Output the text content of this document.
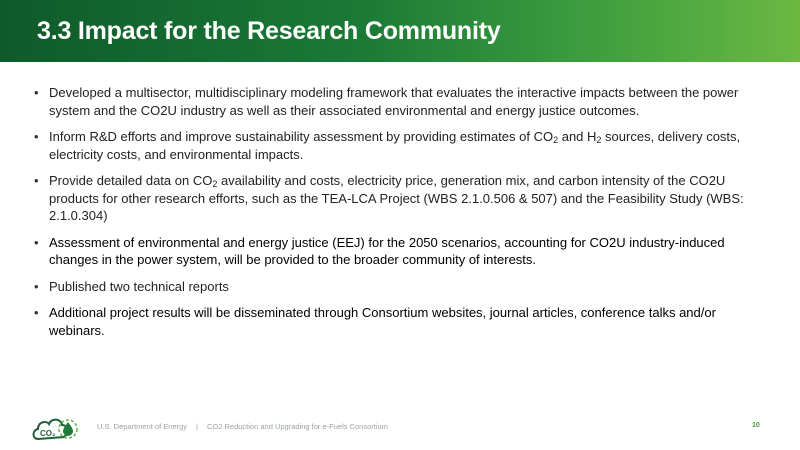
3.3 Impact for the Research Community
• Developed a multisector, multidisciplinary modeling framework that evaluates the interactive impacts between the power system and the CO2U industry as well as their associated environmental and energy justice outcomes.
• Inform R&D efforts and improve sustainability assessment by providing estimates of $CO_2$ and $H_2$ sources, delivery costs, electricity costs, and environmental impacts.
• Provide detailed data on $CO_2$ availability and costs, electricity price, generation mix, and carbon intensity of the CO2U products for other research efforts, such as the TEA-LCA Project (WBS 2.1.0.506 & 507) and the Feasibility Study (WBS: 2.1.0.304)
• Assessment of environmental and energy justice (EEJ) for the 2050 scenarios, accounting for CO2U industry-induced changes in the power system, will be provided to the broader community of interests.
• Published two technical reports
• Additional project results will be disseminated through Consortium websites, journal articles, conference talks and/or webinars.
CO₂
U.S. Department of Energy | CO2 Reduction and Upgrading for e-Fuels Consortium	10
